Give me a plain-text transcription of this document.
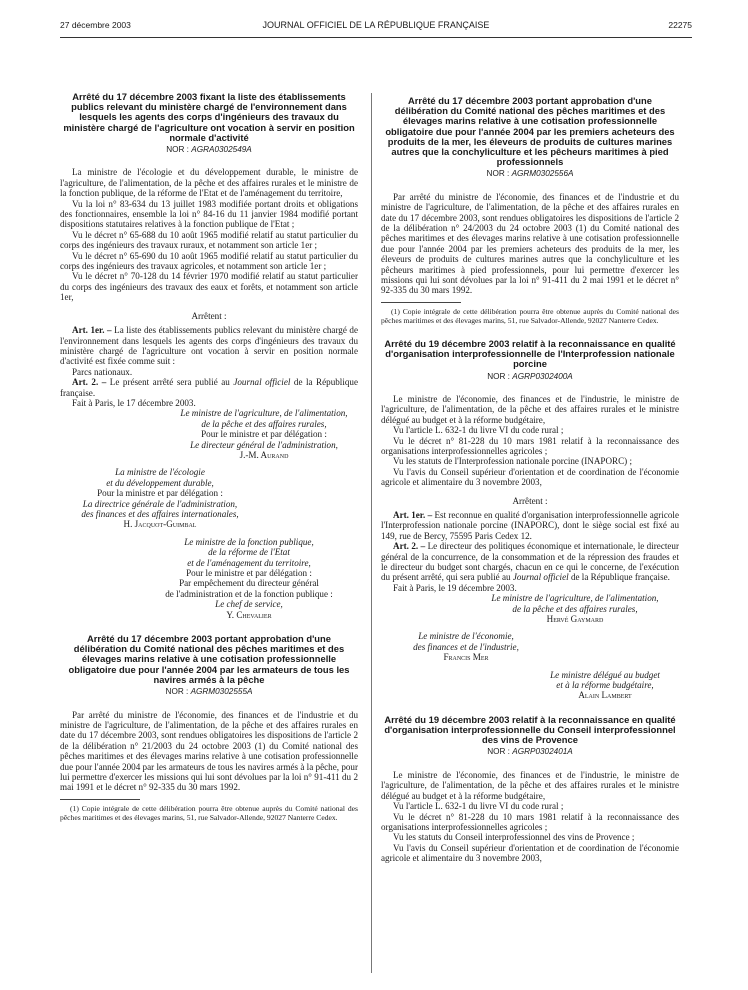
27 décembre 2003	JOURNAL OFFICIEL DE LA RÉPUBLIQUE FRANÇAISE	22275
Arrêté du 17 décembre 2003 fixant la liste des établissements publics relevant du ministère chargé de l'environnement dans lesquels les agents des corps d'ingénieurs des travaux du ministère chargé de l'agriculture ont vocation à servir en position normale d'activité
NOR : AGRA0302549A

La ministre de l'écologie et du développement durable, le ministre de l'agriculture, de l'alimentation, de la pêche et des affaires rurales et le ministre de la fonction publique, de la réforme de l'Etat et de l'aménagement du territoire,

Vu la loi n° 83-634 du 13 juillet 1983 modifiée portant droits et obligations des fonctionnaires, ensemble la loi n° 84-16 du 11 janvier 1984 modifié portant dispositions statutaires relatives à la fonction publique de l'Etat ;

Vu le décret n° 65-688 du 10 août 1965 modifié relatif au statut particulier du corps des ingénieurs des travaux ruraux, et notamment son article 1er ;

Vu le décret n° 65-690 du 10 août 1965 modifié relatif au statut particulier du corps des ingénieurs des travaux agricoles, et notamment son article 1er ;

Vu le décret n° 70-128 du 14 février 1970 modifié relatif au statut particulier du corps des ingénieurs des travaux des eaux et forêts, et notamment son article 1er,

Arrêtent :

Art. 1er. – La liste des établissements publics relevant du ministère chargé de l'environnement dans lesquels les agents des corps d'ingénieurs des travaux du ministère chargé de l'agriculture ont vocation à servir en position normale d'activité est fixée comme suit :

Parcs nationaux.

Art. 2. – Le présent arrêté sera publié au Journal officiel de la République française.

Fait à Paris, le 17 décembre 2003.

Le ministre de l'agriculture, de l'alimentation,
de la pêche et des affaires rurales,
Pour le ministre et par délégation :
Le directeur général de l'administration,
J.-M. Aurand
La ministre de l'écologie
et du développement durable,
Pour la ministre et par délégation :
La directrice générale de l'administration,
des finances et des affaires internationales,
H. Jacquot-Guimbal
Le ministre de la fonction publique,
de la réforme de l'Etat
et de l'aménagement du territoire,
Pour le ministre et par délégation :
Par empêchement du directeur général
de l'administration et de la fonction publique :
Le chef de service,
Y. Chevalier
Arrêté du 17 décembre 2003 portant approbation d'une délibération du Comité national des pêches maritimes et des élevages marins relative à une cotisation professionnelle obligatoire due pour l'année 2004 par les armateurs de tous les navires armés à la pêche
NOR : AGRM0302555A

Par arrêté du ministre de l'économie, des finances et de l'industrie et du ministre de l'agriculture, de l'alimentation, de la pêche et des affaires rurales en date du 17 décembre 2003, sont rendues obligatoires les dispositions de l'article 2 de la délibération n° 21/2003 du 24 octobre 2003 (1) du Comité national des pêches maritimes et des élevages marins relative à une cotisation professionnelle due pour l'année 2004 par les armateurs de tous les navires armés à la pêche, pour lui permettre d'exercer les missions qui lui sont dévolues par la loi n° 91-411 du 2 mai 1991 et le décret n° 92-335 du 30 mars 1992.

(1) Copie intégrale de cette délibération pourra être obtenue auprès du Comité national des pêches maritimes et des élevages marins, 51, rue Salvador-Allende, 92027 Nanterre Cedex.

Arrêté du 17 décembre 2003 portant approbation d'une délibération du Comité national des pêches maritimes et des élevages marins relative à une cotisation professionnelle obligatoire due pour l'année 2004 par les premiers acheteurs des produits de la mer, les éleveurs de produits de cultures marines autres que la conchyliculture et les pêcheurs maritimes à pied professionnels
NOR : AGRM0302556A

Par arrêté du ministre de l'économie, des finances et de l'industrie et du ministre de l'agriculture, de l'alimentation, de la pêche et des affaires rurales en date du 17 décembre 2003, sont rendues obligatoires les dispositions de l'article 2 de la délibération n° 24/2003 du 24 octobre 2003 (1) du Comité national des pêches maritimes et des élevages marins relative à une cotisation professionnelle due pour l'année 2004 par les premiers acheteurs des produits de la mer, les éleveurs de produits de cultures marines autres que la conchyliculture et les pêcheurs maritimes à pied professionnels, pour lui permettre d'exercer les missions qui lui sont dévolues par la loi n° 91-411 du 2 mai 1991 et le décret n° 92-335 du 30 mars 1992.

(1) Copie intégrale de cette délibération pourra être obtenue auprès du Comité national des pêches maritimes et des élevages marins, 51, rue Salvador-Allende, 92027 Nanterre Cedex.

Arrêté du 19 décembre 2003 relatif à la reconnaissance en qualité d'organisation interprofessionnelle de l'Interprofession nationale porcine
NOR : AGRP0302400A

Le ministre de l'économie, des finances et de l'industrie, le ministre de l'agriculture, de l'alimentation, de la pêche et des affaires rurales et le ministre délégué au budget et à la réforme budgétaire,

Vu l'article L. 632-1 du livre VI du code rural ;

Vu le décret n° 81-228 du 10 mars 1981 relatif à la reconnaissance des organisations interprofessionnelles agricoles ;

Vu les statuts de l'Interprofession nationale porcine (INAPORC) ;

Vu l'avis du Conseil supérieur d'orientation et de coordination de l'économie agricole et alimentaire du 3 novembre 2003,

Arrêtent :

Art. 1er. – Est reconnue en qualité d'organisation interprofessionnelle agricole l'Interprofession nationale porcine (INAPORC), dont le siège social est fixé au 149, rue de Bercy, 75595 Paris Cedex 12.

Art. 2. – Le directeur des politiques économique et internationale, le directeur général de la concurrence, de la consommation et de la répression des fraudes et le directeur du budget sont chargés, chacun en ce qui le concerne, de l'exécution du présent arrêté, qui sera publié au Journal officiel de la République française.

Fait à Paris, le 19 décembre 2003.

Le ministre de l'agriculture, de l'alimentation,
de la pêche et des affaires rurales,
Hervé Gaymard
Le ministre de l'économie,
des finances et de l'industrie,
Francis Mer
Le ministre délégué au budget
et à la réforme budgétaire,
Alain Lambert
Arrêté du 19 décembre 2003 relatif à la reconnaissance en qualité d'organisation interprofessionnelle du Conseil interprofessionnel des vins de Provence
NOR : AGRP0302401A

Le ministre de l'économie, des finances et de l'industrie, le ministre de l'agriculture, de l'alimentation, de la pêche et des affaires rurales et le ministre délégué au budget et à la réforme budgétaire,

Vu l'article L. 632-1 du livre VI du code rural ;

Vu le décret n° 81-228 du 10 mars 1981 relatif à la reconnaissance des organisations interprofessionnelles agricoles ;

Vu les statuts du Conseil interprofessionnel des vins de Provence ;

Vu l'avis du Conseil supérieur d'orientation et de coordination de l'économie agricole et alimentaire du 3 novembre 2003,
